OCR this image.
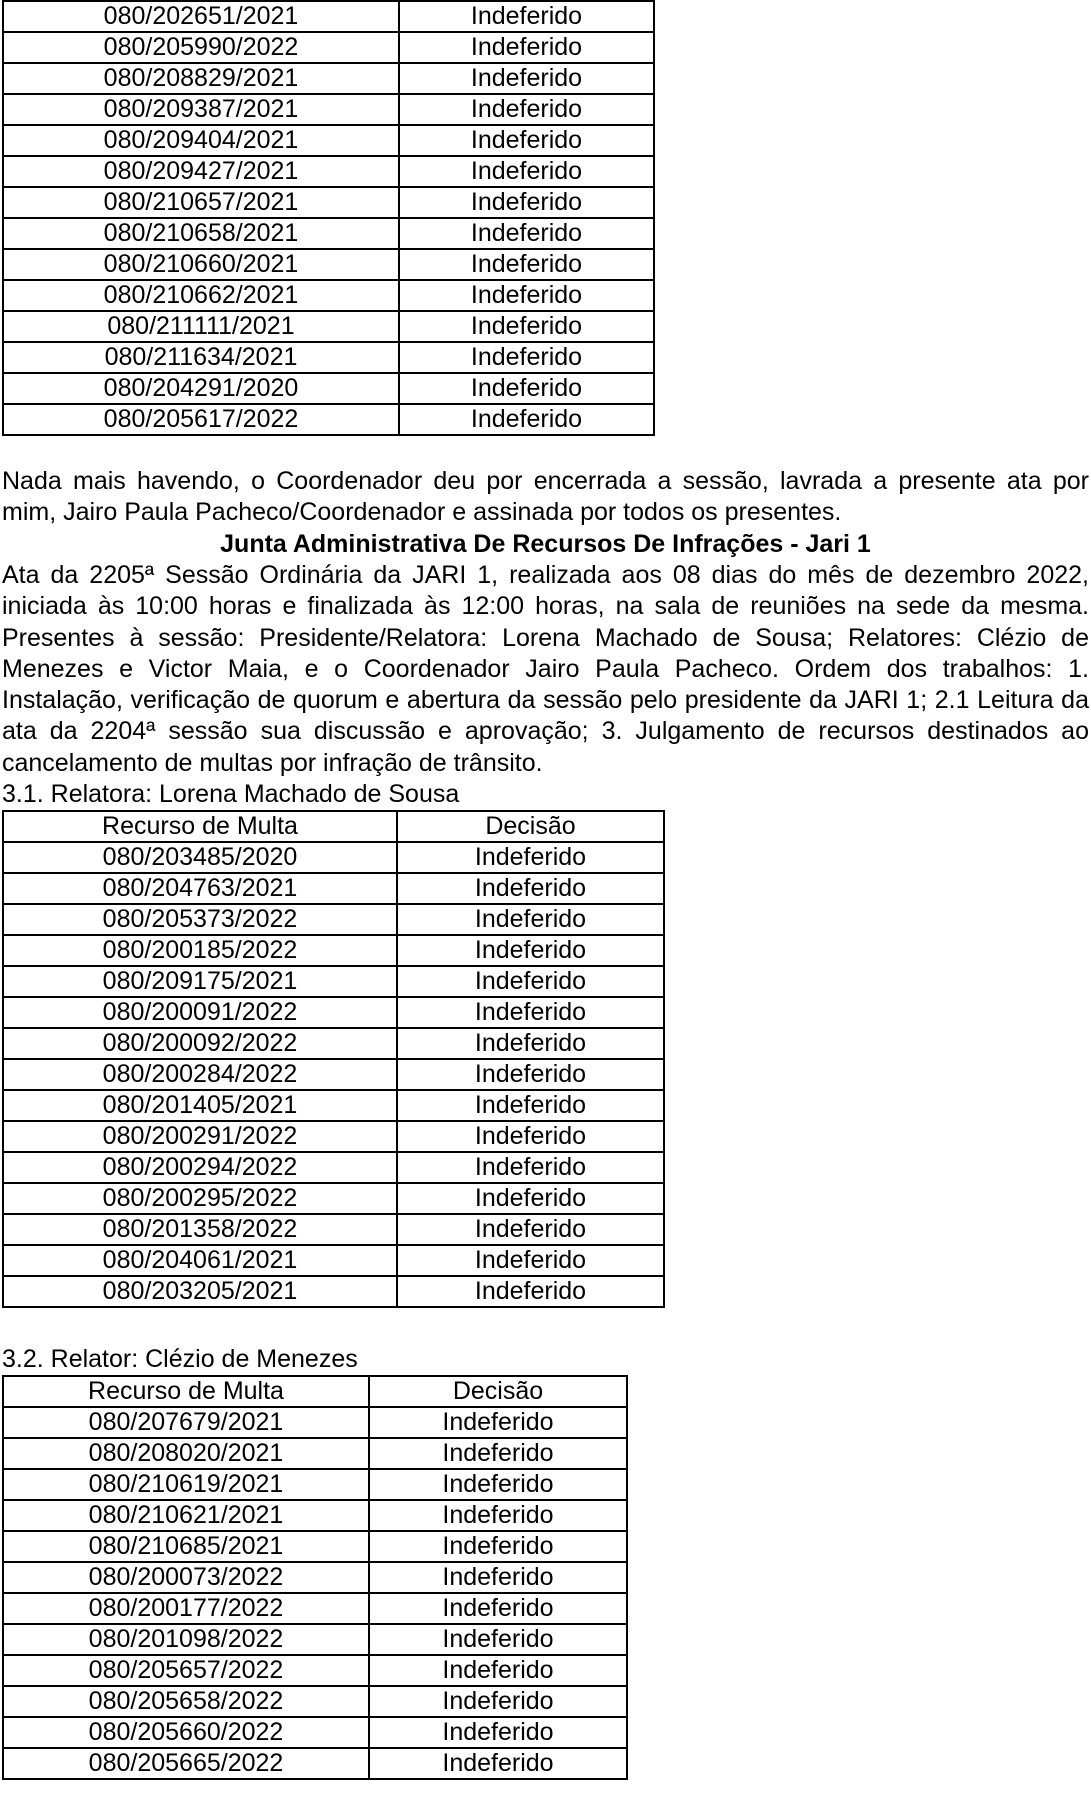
080/202651/2021	Indeferido
080/205990/2022	Indeferido
080/208829/2021	Indeferido
080/209387/2021	Indeferido
080/209404/2021	Indeferido
080/209427/2021	Indeferido
080/210657/2021	Indeferido
080/210658/2021	Indeferido
080/210660/2021	Indeferido
080/210662/2021	Indeferido
080/211111/2021	Indeferido
080/211634/2021	Indeferido
080/204291/2020	Indeferido
080/205617/2022	Indeferido
Nada mais havendo, o Coordenador deu por encerrada a sessão, lavrada a presente ata por mim, Jairo Paula Pacheco/Coordenador e assinada por todos os presentes.
Junta Administrativa De Recursos De Infrações - Jari 1
Ata da 2205ª Sessão Ordinária da JARI 1, realizada aos 08 dias do mês de dezembro 2022, iniciada às 10:00 horas e finalizada às 12:00 horas, na sala de reuniões na sede da mesma. Presentes à sessão: Presidente/Relatora: Lorena Machado de Sousa; Relatores: Clézio de Menezes e Victor Maia, e o Coordenador Jairo Paula Pacheco. Ordem dos trabalhos: 1. Instalação, verificação de quorum e abertura da sessão pelo presidente da JARI 1; 2.1 Leitura da ata da 2204ª sessão sua discussão e aprovação; 3. Julgamento de recursos destinados ao cancelamento de multas por infração de trânsito.
3.1. Relatora: Lorena Machado de Sousa
Recurso de Multa	Decisão
080/203485/2020	Indeferido
080/204763/2021	Indeferido
080/205373/2022	Indeferido
080/200185/2022	Indeferido
080/209175/2021	Indeferido
080/200091/2022	Indeferido
080/200092/2022	Indeferido
080/200284/2022	Indeferido
080/201405/2021	Indeferido
080/200291/2022	Indeferido
080/200294/2022	Indeferido
080/200295/2022	Indeferido
080/201358/2022	Indeferido
080/204061/2021	Indeferido
080/203205/2021	Indeferido
3.2. Relator: Clézio de Menezes
Recurso de Multa	Decisão
080/207679/2021	Indeferido
080/208020/2021	Indeferido
080/210619/2021	Indeferido
080/210621/2021	Indeferido
080/210685/2021	Indeferido
080/200073/2022	Indeferido
080/200177/2022	Indeferido
080/201098/2022	Indeferido
080/205657/2022	Indeferido
080/205658/2022	Indeferido
080/205660/2022	Indeferido
080/205665/2022	Indeferido
